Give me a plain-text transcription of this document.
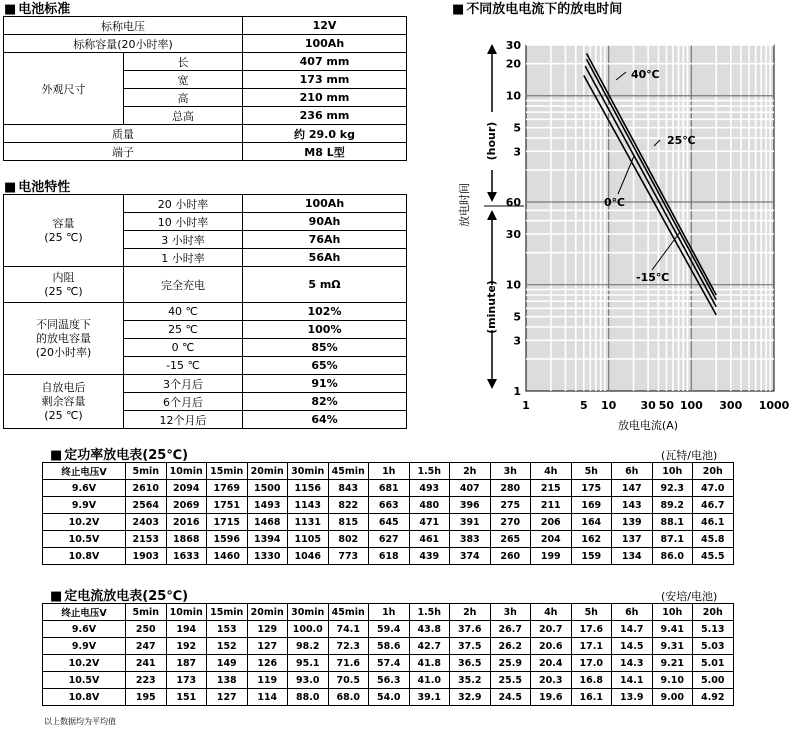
■ 电池标准
标称电压		12V
标称容量(20小时率)		100Ah
外观尺寸	长	407 mm
	宽	173 mm
	高	210 mm
	总高	236 mm
质量		约 29.0 kg
端子		M8 L型
■ 电池特性
容量
(25 ℃)	20 小时率	100Ah
	10 小时率	90Ah
	3 小时率	76Ah
	1 小时率	56Ah
内阻
(25 ℃)	完全充电	5 mΩ
不同温度下
的放电容量
(20小时率)	40 ℃	102%
	25 ℃	100%
	0 ℃	85%
	-15 ℃	65%
自放电后
剩余容量
(25 ℃)	3个月后	91%
	6个月后	82%
	12个月后	64%
■ 不同放电电流下的放电时间
(hour)
(minute)
放电时间
放电电流(A)
40℃
25℃
0℃
-15℃
1	5 10 30 50 100 300 1000
30
20
10
5
3
60
30
10
5
3
1
■ 定功率放电表(25℃)	(瓦特/电池)
终止电压V	5min	10min	15min	20min	30min	45min	1h	1.5h	2h	3h	4h	5h	6h	10h	20h
9.6V	2610	2094	1769	1500	1156	843	681	493	407	280	215	175	147	92.3	47.0
9.9V	2564	2069	1751	1493	1143	822	663	480	396	275	211	169	143	89.2	46.7
10.2V	2403	2016	1715	1468	1131	815	645	471	391	270	206	164	139	88.1	46.1
10.5V	2153	1868	1596	1394	1105	802	627	461	383	265	204	162	137	87.1	45.8
10.8V	1903	1633	1460	1330	1046	773	618	439	374	260	199	159	134	86.0	45.5
■ 定电流放电表(25℃)	(安培/电池)
终止电压V	5min	10min	15min	20min	30min	45min	1h	1.5h	2h	3h	4h	5h	6h	10h	20h
9.6V	250	194	153	129	100.0	74.1	59.4	43.8	37.6	26.7	20.7	17.6	14.7	9.41	5.13
9.9V	247	192	152	127	98.2	72.3	58.6	42.7	37.5	26.2	20.6	17.1	14.5	9.31	5.03
10.2V	241	187	149	126	95.1	71.6	57.4	41.8	36.5	25.9	20.4	17.0	14.3	9.21	5.01
10.5V	223	173	138	119	93.0	70.5	56.3	41.0	35.2	25.5	20.3	16.8	14.1	9.10	5.00
10.8V	195	151	127	114	88.0	68.0	54.0	39.1	32.9	24.5	19.6	16.1	13.9	9.00	4.92
以上数据均为平均值
